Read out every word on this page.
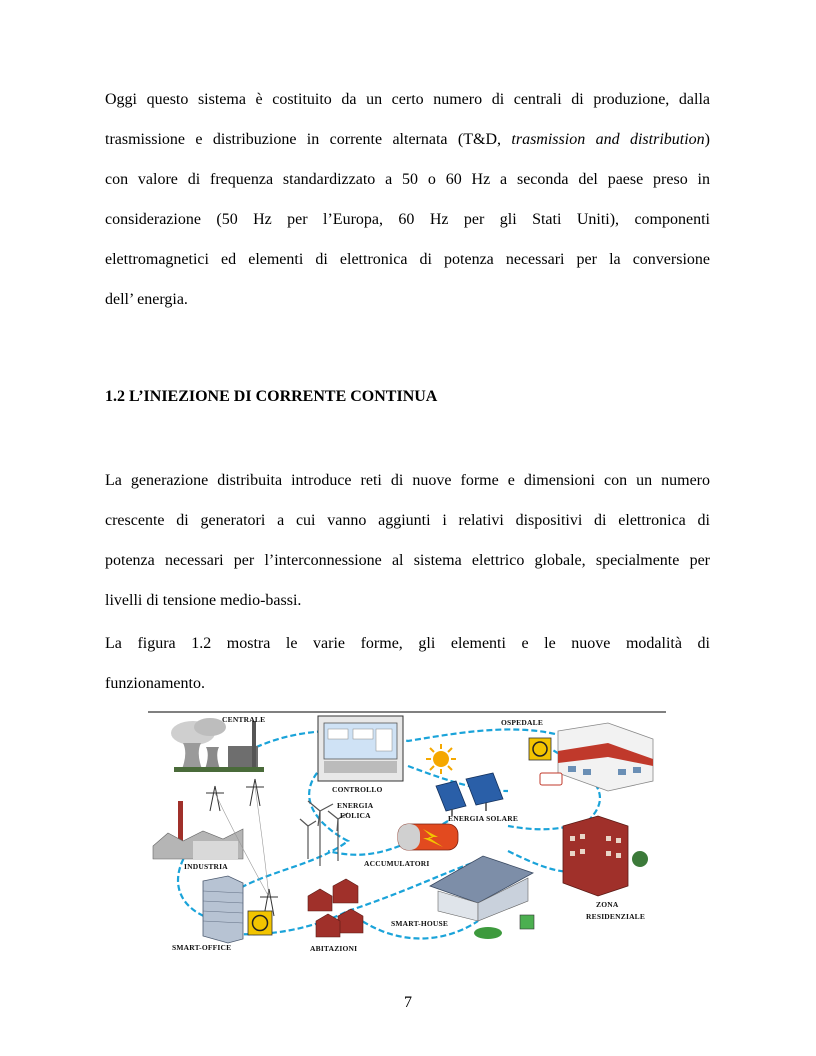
Oggi questo sistema è costituito da un certo numero di centrali di produzione, dalla
trasmissione e distribuzione in corrente alternata (T&D, trasmission and distribution)
con valore di frequenza standardizzato a 50 o 60 Hz a seconda del paese preso in
considerazione (50 Hz per l’Europa, 60 Hz per gli Stati Uniti), componenti
elettromagnetici ed elementi di elettronica di potenza necessari per la conversione
dell’ energia.
1.2 L’INIEZIONE DI CORRENTE CONTINUA
La generazione distribuita introduce reti di nuove forme e dimensioni con un numero
crescente di generatori a cui vanno aggiunti i relativi dispositivi di elettronica di
potenza necessari per l’interconnessione al sistema elettrico globale, specialmente per
livelli di tensione medio-bassi.
La figura 1.2 mostra le varie forme, gli elementi e le nuove modalità di
funzionamento.
CENTRALE
CONTROLLO
OSPEDALE
ENERGIA SOLARE
ENERGIA
EOLICA
ACCUMULATORI
INDUSTRIA
ZONA
RESIDENZIALE
SMART-HOUSE
SMART-OFFICE	ABITAZIONI
7
